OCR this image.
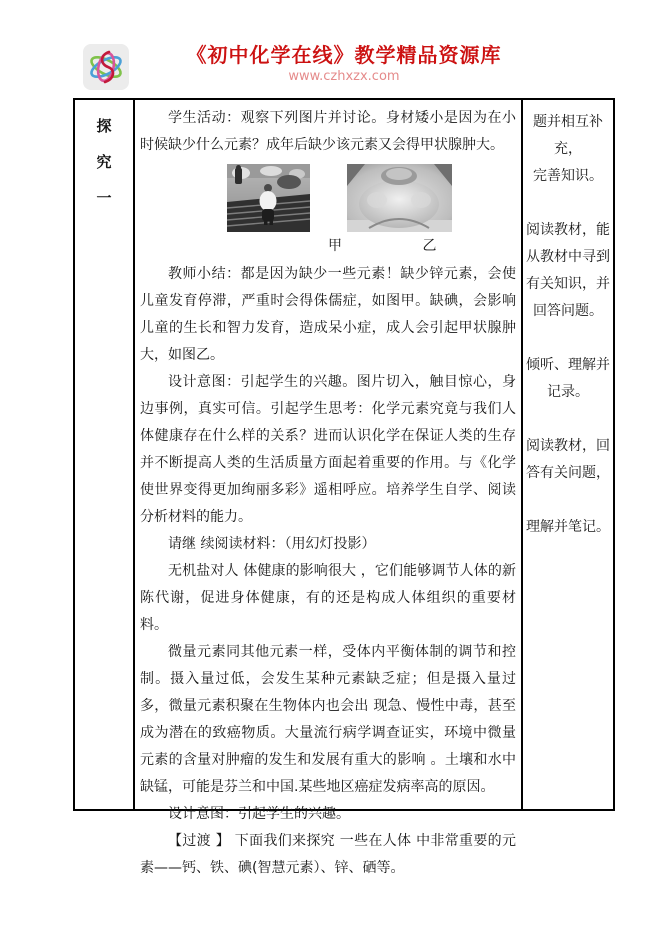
《初中化学在线》教学精品资源库
www.czhxzx.com
探
究
一

学生活动：观察下列图片并讨论。身材矮小是因为在小时候缺少什么元素？成年后缺少该元素又会得甲状腺肿大。

甲	乙

教师小结：都是因为缺少一些元素！缺少锌元素，会使儿童发育停滞，严重时会得侏儒症，如图甲。缺碘，会影响儿童的生长和智力发育，造成呆小症，成人会引起甲状腺肿大，如图乙。

设计意图：引起学生的兴趣。图片切入，触目惊心，身边事例，真实可信。引起学生思考：化学元素究竟与我们人体健康存在什么样的关系？进而认识化学在保证人类的生存并不断提高人类的生活质量方面起着重要的作用。与《化学使世界变得更加绚丽多彩》遥相呼应。培养学生自学、阅读分析材料的能力。

请继 续阅读材料：（用幻灯投影）

无机盐对人 体健康的影响很大 ，它们能够调节人体的新陈代谢，促进身体健康，有的还是构成人体组织的重要材料。

微量元素同其他元素一样，受体内平衡体制的调节和控制。摄入量过低，会发生某种元素缺乏症；但是摄入量过多，微量元素积聚在生物体内也会出 现急、慢性中毒，甚至成为潜在的致癌物质。大量流行病学调查证实，环境中微量元素的含量对肿瘤的发生和发展有重大的影响 。土壤和水中缺锰，可能是芬兰和中国.某些地区癌症发病率高的原因。

设计意图：引起学生的兴趣。

【过渡 】 下面我们来探究 一些在人体 中非常重要的元素——钙、铁、碘(智慧元素）、锌、硒等。

题并相互补充，
完善知识。
阅读教材，能
从教材中寻到
有关知识，并
回答问题。
倾听、理解并
记录。
阅读教材，回
答有关问题，
理解并笔记。
